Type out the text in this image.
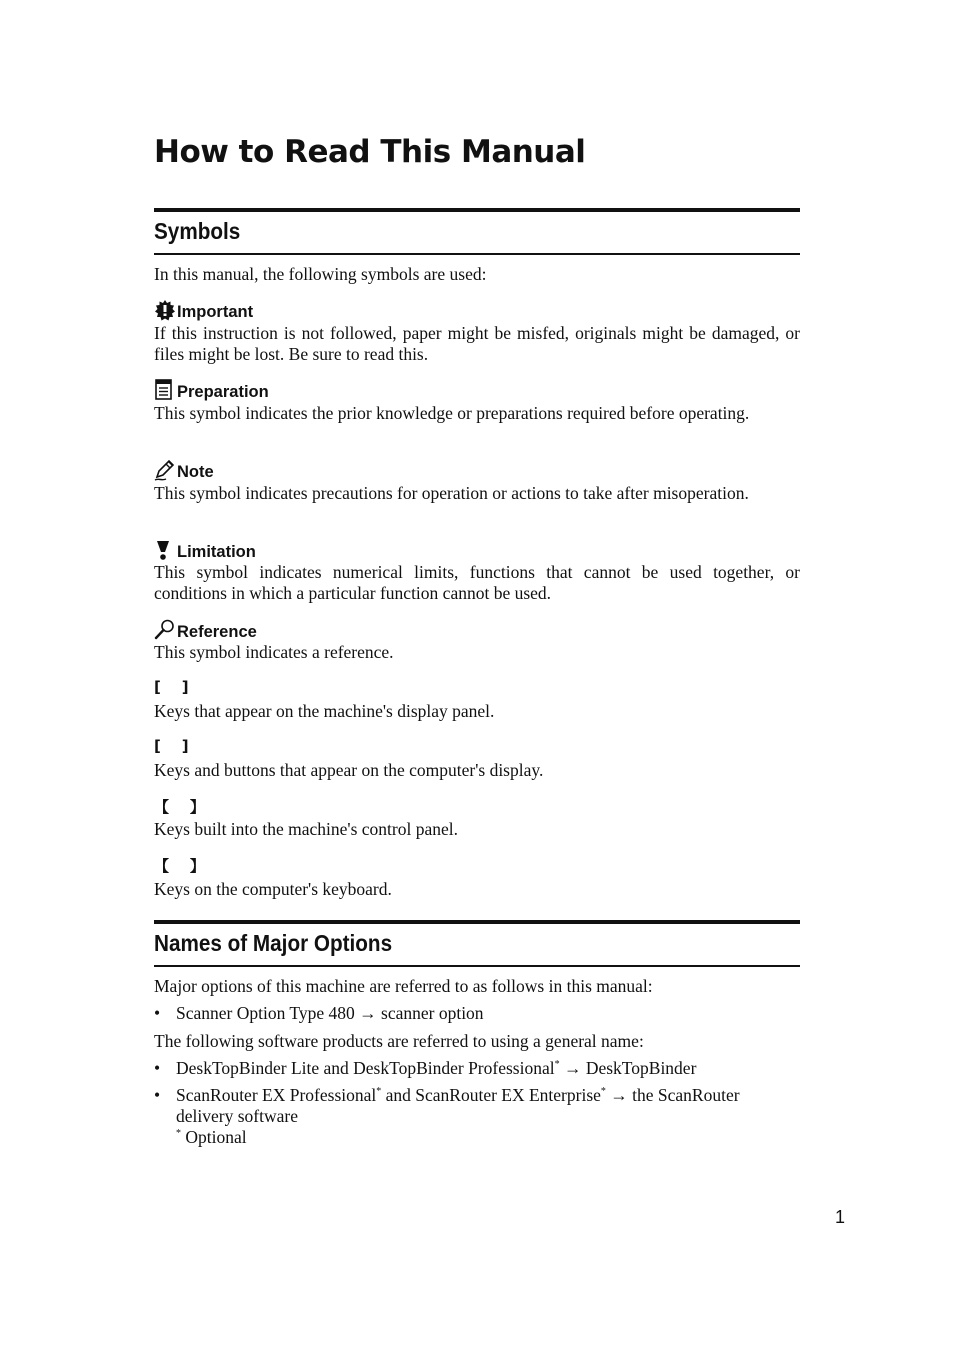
How to Read This Manual
Symbols

In this manual, the following symbols are used:

Important

If this instruction is not followed, paper might be misfed, originals might be damaged, or files might be lost. Be sure to read this.

Preparation

This symbol indicates the prior knowledge or preparations required before operating.

Note

This symbol indicates precautions for operation or actions to take after misoperation.

Limitation

This symbol indicates numerical limits, functions that cannot be used together, or conditions in which a particular function cannot be used.

Reference

This symbol indicates a reference.

[    ]

Keys that appear on the machine's display panel.

[    ]

Keys and buttons that appear on the computer's display.

【    】

Keys built into the machine's control panel.

【    】

Keys on the computer's keyboard.

Names of Major Options

Major options of this machine are referred to as follows in this manual:

• Scanner Option Type 480 → scanner option

The following software products are referred to using a general name:

• DeskTopBinder Lite and DeskTopBinder Professional* → DeskTopBinder
• ScanRouter EX Professional* and ScanRouter EX Enterprise* → the ScanRouter delivery software
* Optional
1
